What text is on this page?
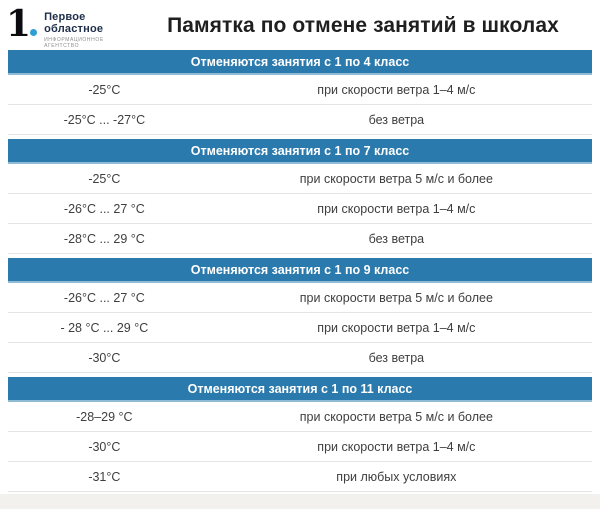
1	Первое
областное
ИНФОРМАЦИОННОЕ
АГЕНТСТВО
Памятка по отмене занятий в школах
Отменяются занятия с 1 по 4 класс
-25°C	при скорости ветра 1–4 м/с
-25°C ... -27°C	без ветра
Отменяются занятия с 1 по 7 класс
-25°C	при скорости ветра 5 м/с и более
-26°C ... 27 °C	при скорости ветра 1–4 м/с
-28°C ... 29 °C	без ветра
Отменяются занятия с 1 по 9 класс
-26°C ... 27 °C	при скорости ветра 5 м/с и более
- 28 °C ... 29 °C	при скорости ветра 1–4 м/с
-30°C	без ветра
Отменяются занятия с 1 по 11 класс
-28–29 °C	при скорости ветра 5 м/с и более
-30°C	при скорости ветра 1–4 м/с
-31°C	при любых условиях
